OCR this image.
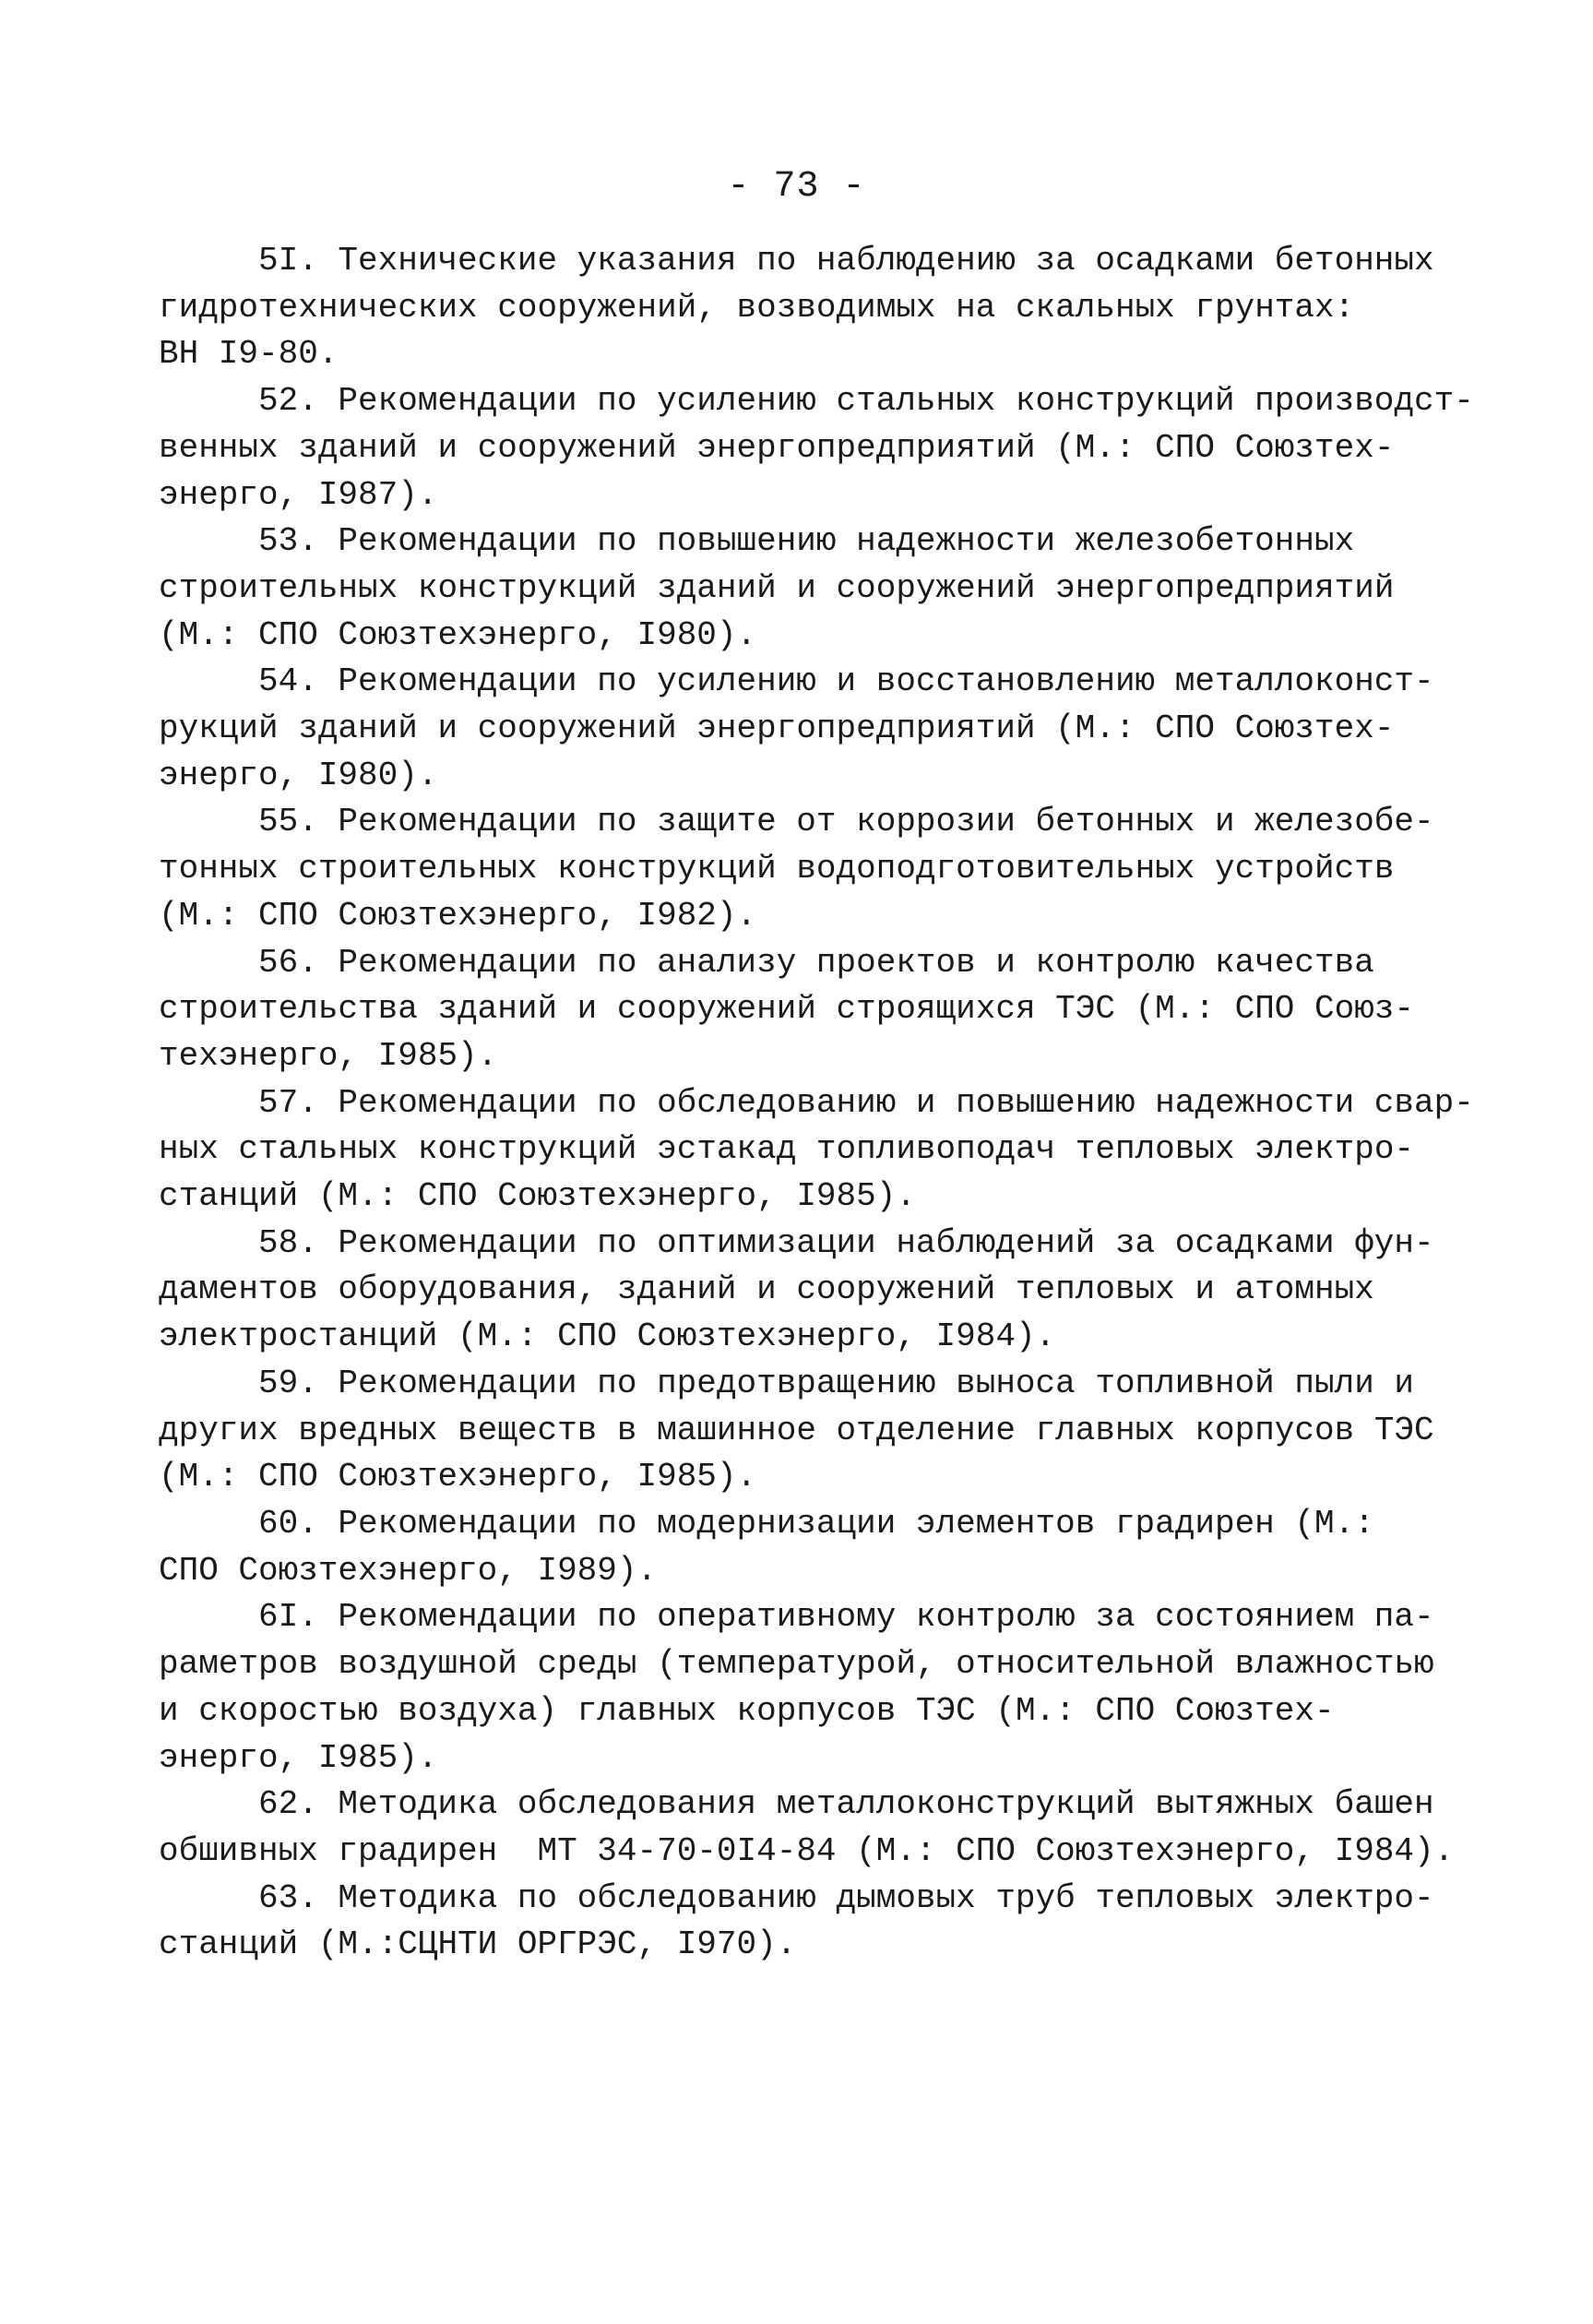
- 73 -
5I. Технические указания по наблюдению за осадками бетонных
гидротехнических сооружений, возводимых на скальных грунтах:
ВН I9-80.
52. Рекомендации по усилению стальных конструкций производст-
венных зданий и сооружений энергопредприятий (М.: СПО Союзтех-
энерго, I987).
53. Рекомендации по повышению надежности железобетонных
строительных конструкций зданий и сооружений энергопредприятий
(М.: СПО Союзтехэнерго, I980).
54. Рекомендации по усилению и восстановлению металлоконст-
рукций зданий и сооружений энергопредприятий (М.: СПО Союзтех-
энерго, I980).
55. Рекомендации по защите от коррозии бетонных и железобе-
тонных строительных конструкций водоподготовительных устройств
(М.: СПО Союзтехэнерго, I982).
56. Рекомендации по анализу проектов и контролю качества
строительства зданий и сооружений строящихся ТЭС (М.: СПО Союз-
техэнерго, I985).
57. Рекомендации по обследованию и повышению надежности свар-
ных стальных конструкций эстакад топливоподач тепловых электро-
станций (М.: СПО Союзтехэнерго, I985).
58. Рекомендации по оптимизации наблюдений за осадками фун-
даментов оборудования, зданий и сооружений тепловых и атомных
электростанций (М.: СПО Союзтехэнерго, I984).
59. Рекомендации по предотвращению выноса топливной пыли и
других вредных веществ в машинное отделение главных корпусов ТЭС
(М.: СПО Союзтехэнерго, I985).
60. Рекомендации по модернизации элементов градирен (М.:
СПО Союзтехэнерго, I989).
6I. Рекомендации по оперативному контролю за состоянием па-
раметров воздушной среды (температурой, относительной влажностью
и скоростью воздуха) главных корпусов ТЭС (М.: СПО Союзтех-
энерго, I985).
62. Методика обследования металлоконструкций вытяжных башен
обшивных градирен  МТ 34-70-0I4-84 (М.: СПО Союзтехэнерго, I984).
63. Методика по обследованию дымовых труб тепловых электро-
станций (М.:СЦНТИ ОРГРЭС, I970).
